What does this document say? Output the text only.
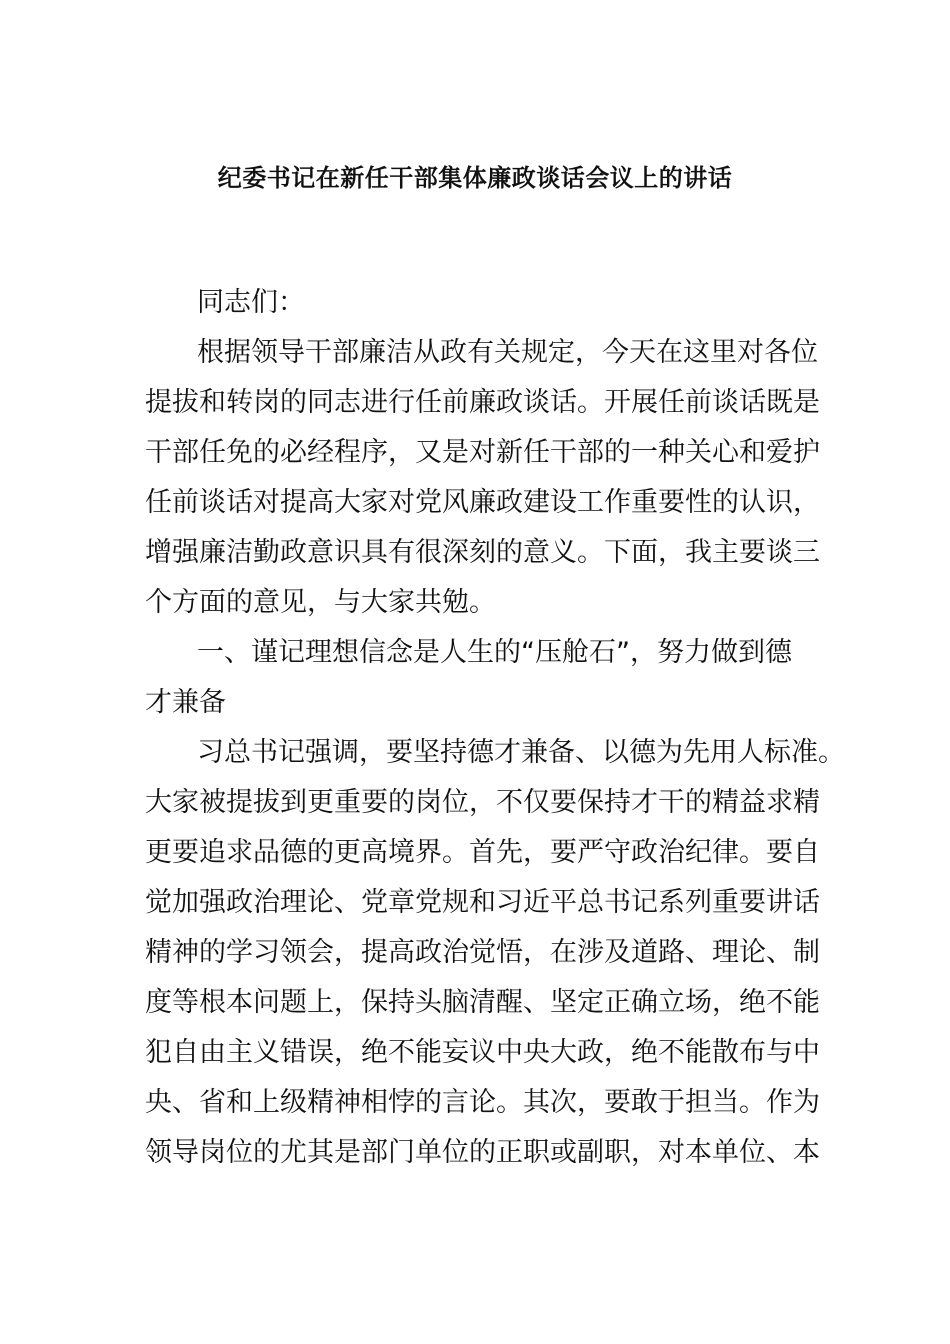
纪委书记在新任干部集体廉政谈话会议上的讲话
同志们：
根据领导干部廉洁从政有关规定，今天在这里对各位
提拔和转岗的同志进行任前廉政谈话。开展任前谈话既是
干部任免的必经程序，又是对新任干部的一种关心和爱护
任前谈话对提高大家对党风廉政建设工作重要性的认识，
增强廉洁勤政意识具有很深刻的意义。下面，我主要谈三
个方面的意见，与大家共勉。
一、谨记理想信念是人生的“压舱石”，努力做到德
才兼备
习总书记强调，要坚持德才兼备、以德为先用人标准。
大家被提拔到更重要的岗位，不仅要保持才干的精益求精
更要追求品德的更高境界。首先，要严守政治纪律。要自
觉加强政治理论、党章党规和习近平总书记系列重要讲话
精神的学习领会，提高政治觉悟，在涉及道路、理论、制
度等根本问题上，保持头脑清醒、坚定正确立场，绝不能
犯自由主义错误，绝不能妄议中央大政，绝不能散布与中
央、省和上级精神相悖的言论。其次，要敢于担当。作为
领导岗位的尤其是部门单位的正职或副职，对本单位、本
